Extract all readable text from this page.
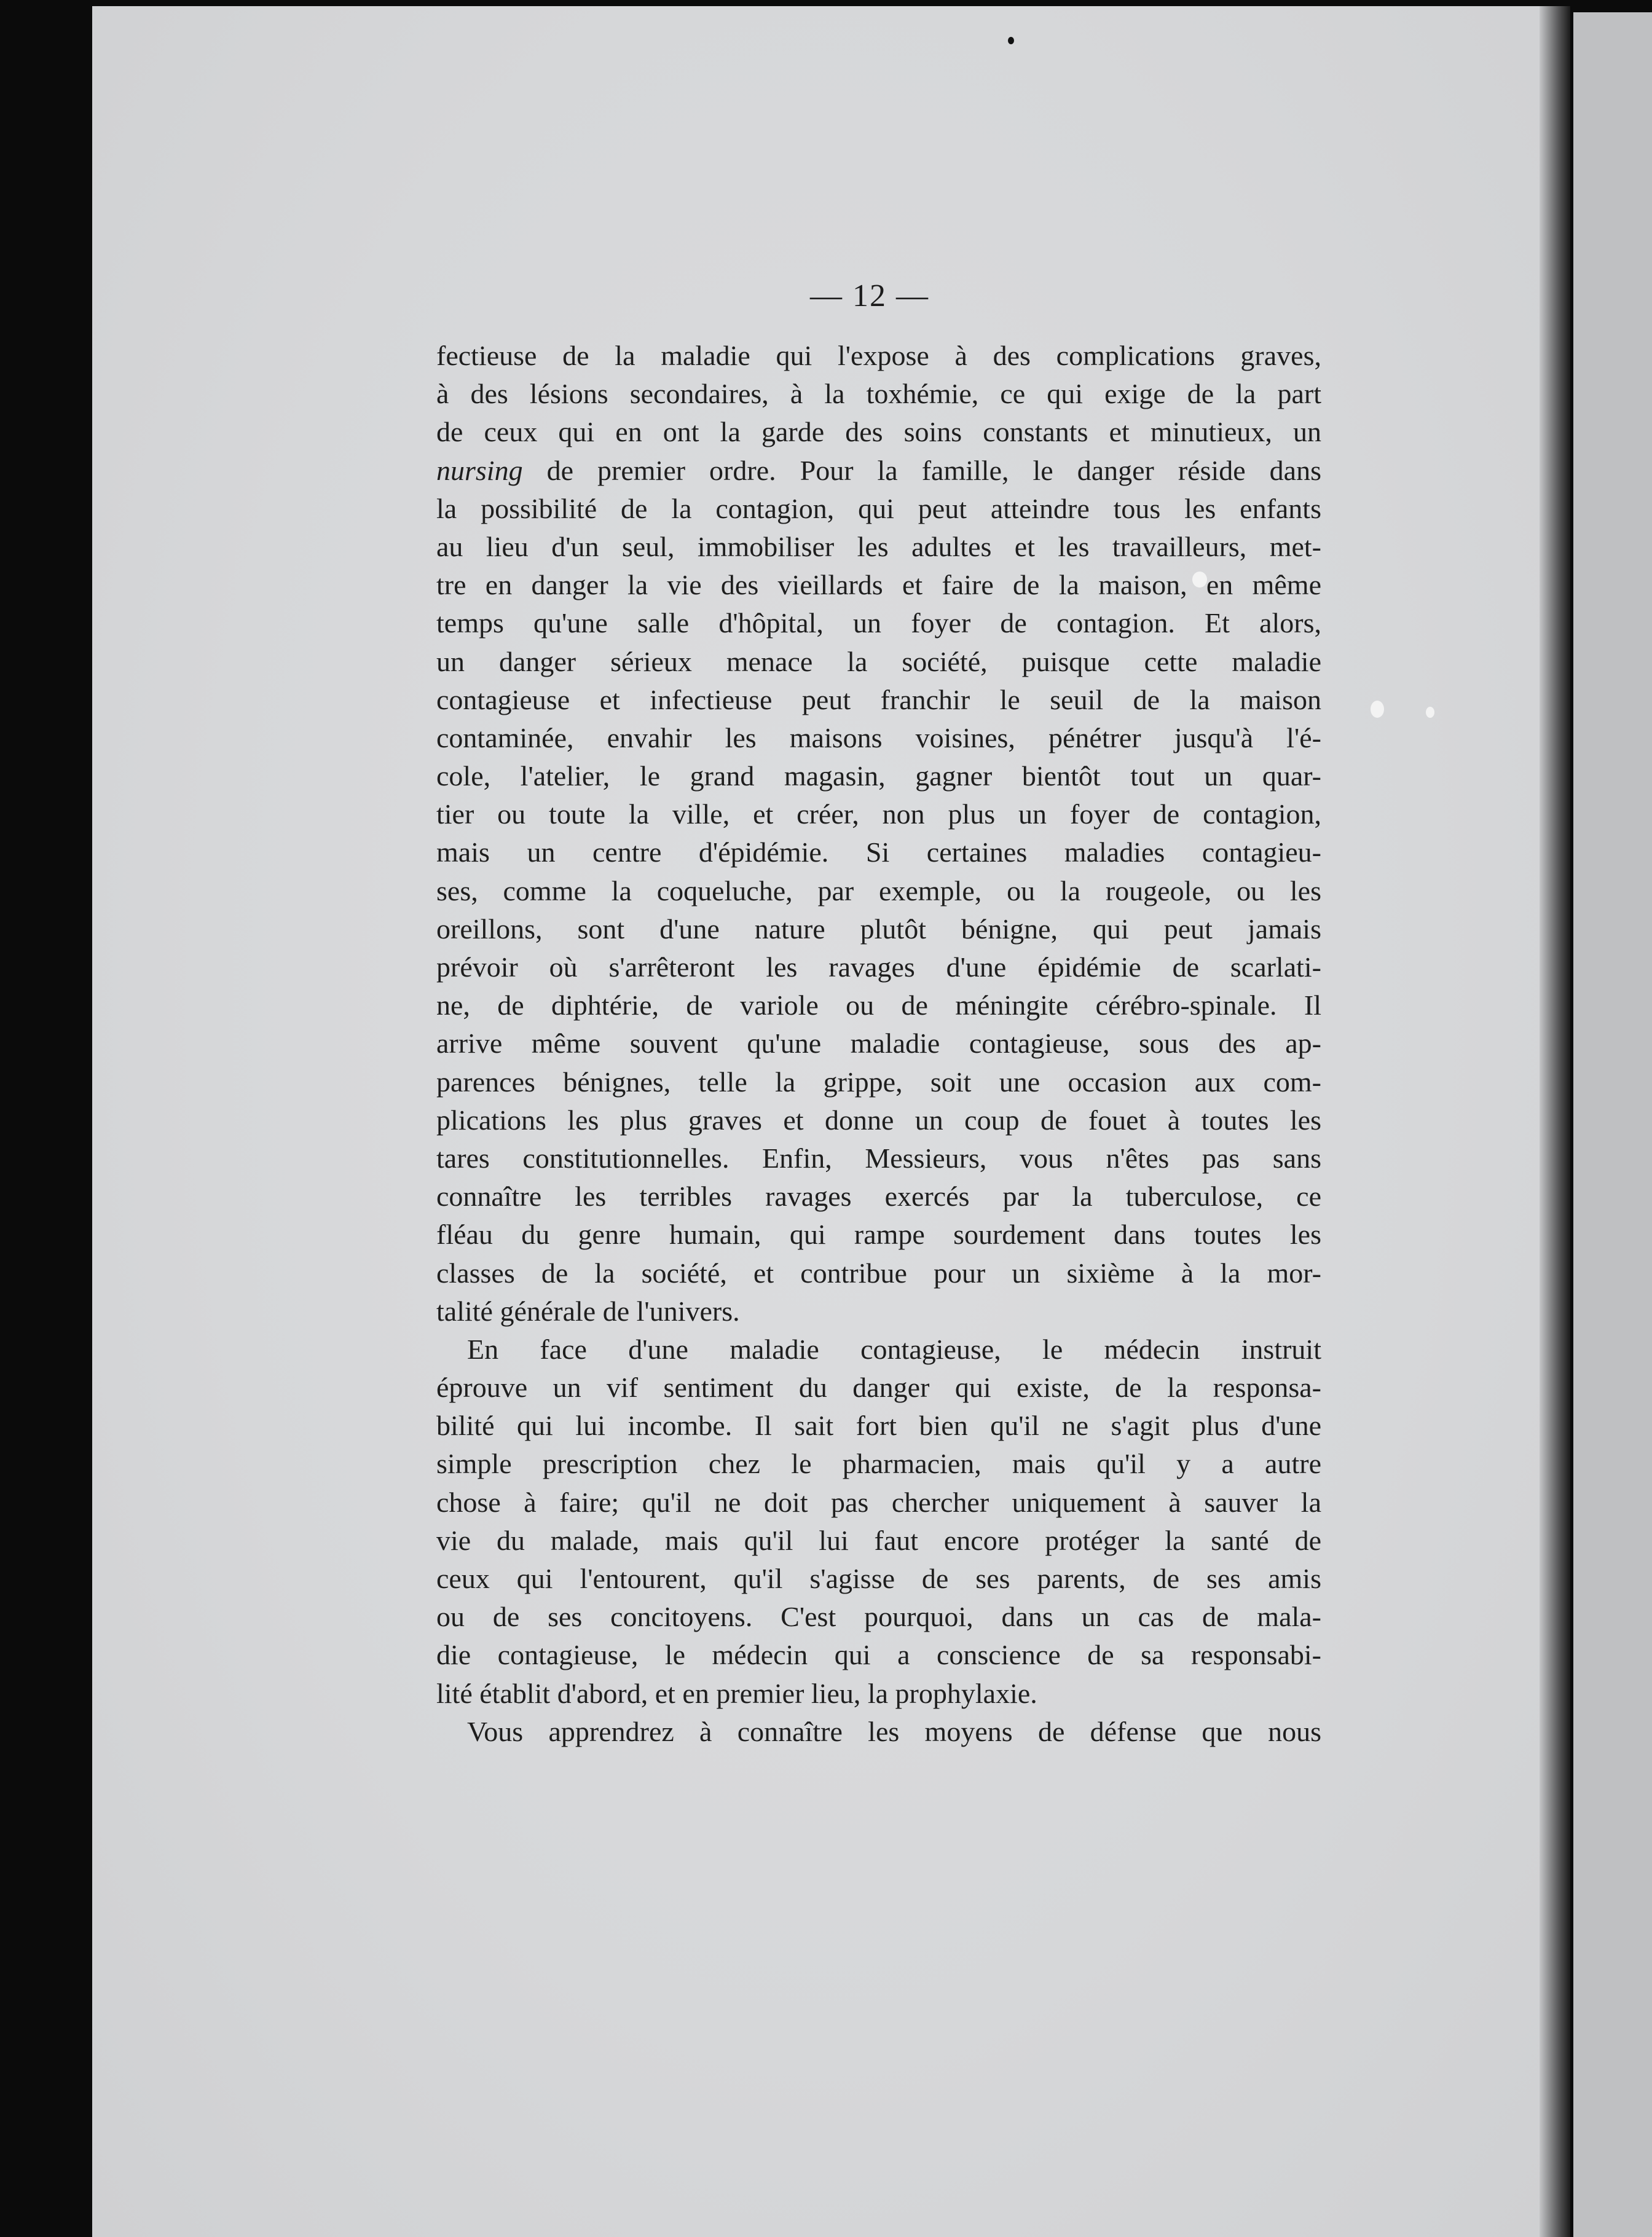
— 12 —
fectieuse de la maladie qui l'expose à des complications graves,
à des lésions secondaires, à la toxhémie, ce qui exige de la part
de ceux qui en ont la garde des soins constants et minutieux, un
nursing de premier ordre. Pour la famille, le danger réside dans
la possibilité de la contagion, qui peut atteindre tous les enfants
au lieu d'un seul, immobiliser les adultes et les travailleurs, met-
tre en danger la vie des vieillards et faire de la maison, en même
temps qu'une salle d'hôpital, un foyer de contagion. Et alors,
un danger sérieux menace la société, puisque cette maladie
contagieuse et infectieuse peut franchir le seuil de la maison
contaminée, envahir les maisons voisines, pénétrer jusqu'à l'é-
cole, l'atelier, le grand magasin, gagner bientôt tout un quar-
tier ou toute la ville, et créer, non plus un foyer de contagion,
mais un centre d'épidémie. Si certaines maladies contagieu-
ses, comme la coqueluche, par exemple, ou la rougeole, ou les
oreillons, sont d'une nature plutôt bénigne, qui peut jamais
prévoir où s'arrêteront les ravages d'une épidémie de scarlati-
ne, de diphtérie, de variole ou de méningite cérébro-spinale. Il
arrive même souvent qu'une maladie contagieuse, sous des ap-
parences bénignes, telle la grippe, soit une occasion aux com-
plications les plus graves et donne un coup de fouet à toutes les
tares constitutionnelles. Enfin, Messieurs, vous n'êtes pas sans
connaître les terribles ravages exercés par la tuberculose, ce
fléau du genre humain, qui rampe sourdement dans toutes les
classes de la société, et contribue pour un sixième à la mor-
talité générale de l'univers.
En face d'une maladie contagieuse, le médecin instruit
éprouve un vif sentiment du danger qui existe, de la responsa-
bilité qui lui incombe. Il sait fort bien qu'il ne s'agit plus d'une
simple prescription chez le pharmacien, mais qu'il y a autre
chose à faire; qu'il ne doit pas chercher uniquement à sauver la
vie du malade, mais qu'il lui faut encore protéger la santé de
ceux qui l'entourent, qu'il s'agisse de ses parents, de ses amis
ou de ses concitoyens. C'est pourquoi, dans un cas de mala-
die contagieuse, le médecin qui a conscience de sa responsabi-
lité établit d'abord, et en premier lieu, la prophylaxie.
Vous apprendrez à connaître les moyens de défense que nous
